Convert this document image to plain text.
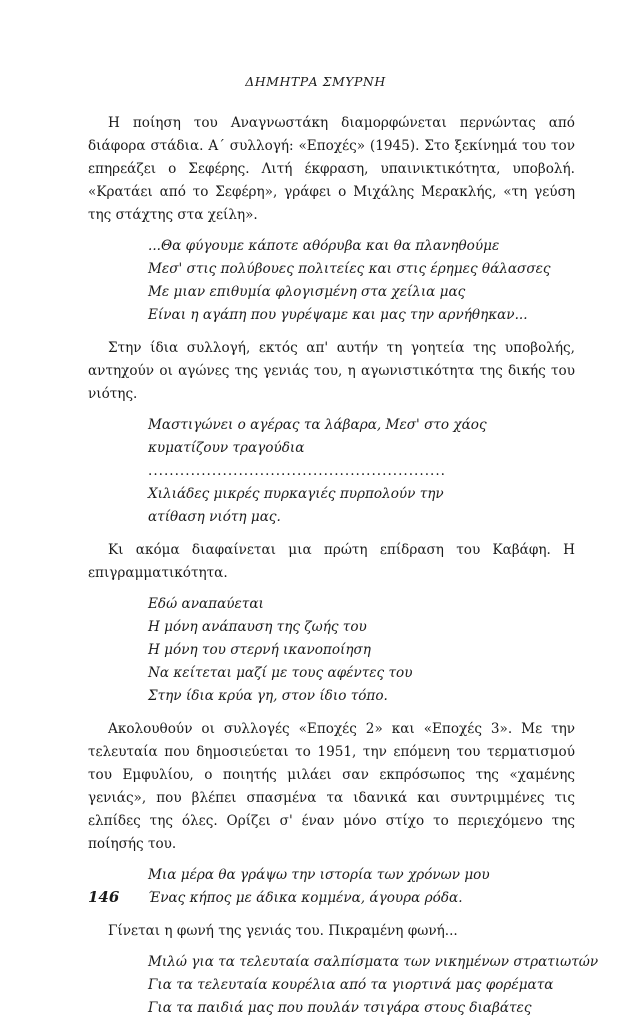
ΔΗΜΗΤΡΑ ΣΜΥΡΝΗ

Η ποίηση του Αναγνωστάκη διαμορφώνεται περνώντας από διάφορα στάδια. Α΄ συλλογή: «Εποχές» (1945). Στο ξεκίνημά του τον επηρεάζει ο Σεφέρης. Λιτή έκφραση, υπαινικτικότητα, υποβολή. «Κρατάει από το Σεφέρη», γράφει ο Μιχάλης Μερακλής, «τη γεύση της στάχτης στα χείλη».

...Θα φύγουμε κάποτε αθόρυβα και θα πλανηθούμε
Μεσ' στις πολύβουες πολιτείες και στις έρημες θάλασσες
Με μιαν επιθυμία φλογισμένη στα χείλια μας
Είναι η αγάπη που γυρέψαμε και μας την αρνήθηκαν...

Στην ίδια συλλογή, εκτός απ' αυτήν τη γοητεία της υποβολής, αντηχούν οι αγώνες της γενιάς του, η αγωνιστικότητα της δικής του νιότης.

Μαστιγώνει ο αγέρας τα λάβαρα, Μεσ' στο χάος
κυματίζουν τραγούδια
........................................................
Χιλιάδες μικρές πυρκαγιές πυρπολούν την
ατίθαση νιότη μας.

Κι ακόμα διαφαίνεται μια πρώτη επίδραση του Καβάφη. Η επιγραμματικότητα.

Εδώ αναπαύεται
Η μόνη ανάπαυση της ζωής του
Η μόνη του στερνή ικανοποίηση
Να κείτεται μαζί με τους αφέντες του
Στην ίδια κρύα γη, στον ίδιο τόπο.

Ακολουθούν οι συλλογές «Εποχές 2» και «Εποχές 3». Με την τελευταία που δημοσιεύεται το 1951, την επόμενη του τερματισμού του Εμφυλίου, ο ποιητής μιλάει σαν εκπρόσωπος της «χαμένης γενιάς», που βλέπει σπασμένα τα ιδανικά και συντριμμένες τις ελπίδες της όλες. Ορίζει σ' έναν μόνο στίχο το περιεχόμενο της ποίησής του.

Μια μέρα θα γράψω την ιστορία των χρόνων μου
Ένας κήπος με άδικα κομμένα, άγουρα ρόδα.

Γίνεται η φωνή της γενιάς του. Πικραμένη φωνή...

Μιλώ για τα τελευταία σαλπίσματα των νικημένων στρατιωτών
Για τα τελευταία κουρέλια από τα γιορτινά μας φορέματα
Για τα παιδιά μας που πουλάν τσιγάρα στους διαβάτες
146
